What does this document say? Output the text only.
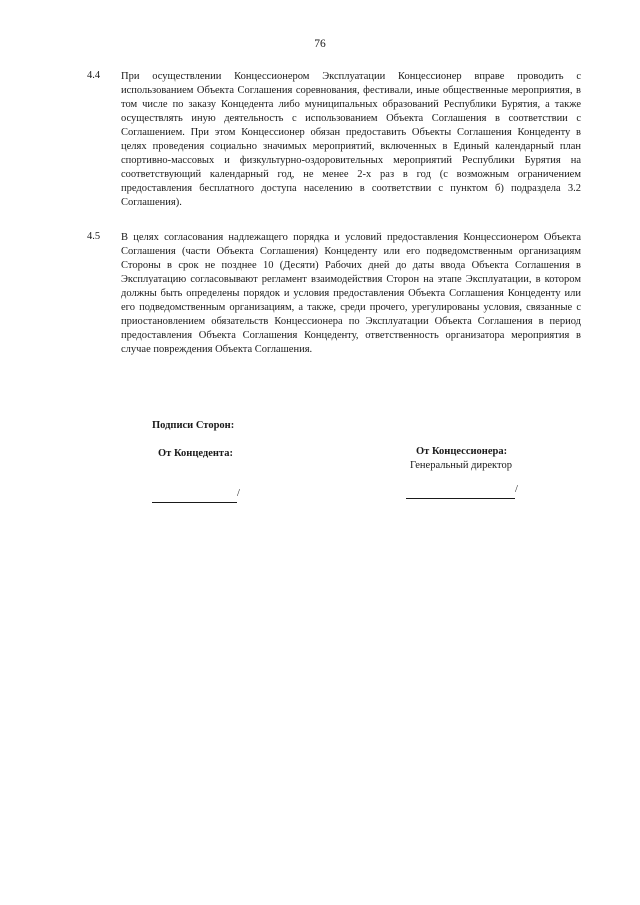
76
4.4 При осуществлении Концессионером Эксплуатации Концессионер вправе проводить с использованием Объекта Соглашения соревнования, фестивали, иные общественные мероприятия, в том числе по заказу Концедента либо муниципальных образований Республики Бурятия, а также осуществлять иную деятельность с использованием Объекта Соглашения в соответствии с Соглашением. При этом Концессионер обязан предоставить Объекты Соглашения Концеденту в целях проведения социально значимых мероприятий, включенных в Единый календарный план спортивно-массовых и физкультурно-оздоровительных мероприятий Республики Бурятия на соответствующий календарный год, не менее 2-х раз в год (с возможным ограничением предоставления бесплатного доступа населению в соответствии с пунктом б) подраздела 3.2 Соглашения).

4.5 В целях согласования надлежащего порядка и условий предоставления Концессионером Объекта Соглашения (части Объекта Соглашения) Концеденту или его подведомственным организациям Стороны в срок не позднее 10 (Десяти) Рабочих дней до даты ввода Объекта Соглашения в Эксплуатацию согласовывают регламент взаимодействия Сторон на этапе Эксплуатации, в котором должны быть определены порядок и условия предоставления Объекта Соглашения Концеденту или его подведомственным организациям, а также, среди прочего, урегулированы условия, связанные с приостановлением обязательств Концессионера по Эксплуатации Объекта Соглашения в период предоставления Объекта Соглашения Концеденту, ответственность организатора мероприятия в случае повреждения Объекта Соглашения.

Подписи Сторон:
От Концедента:	От Концессионера:
Генеральный директор
/	/
